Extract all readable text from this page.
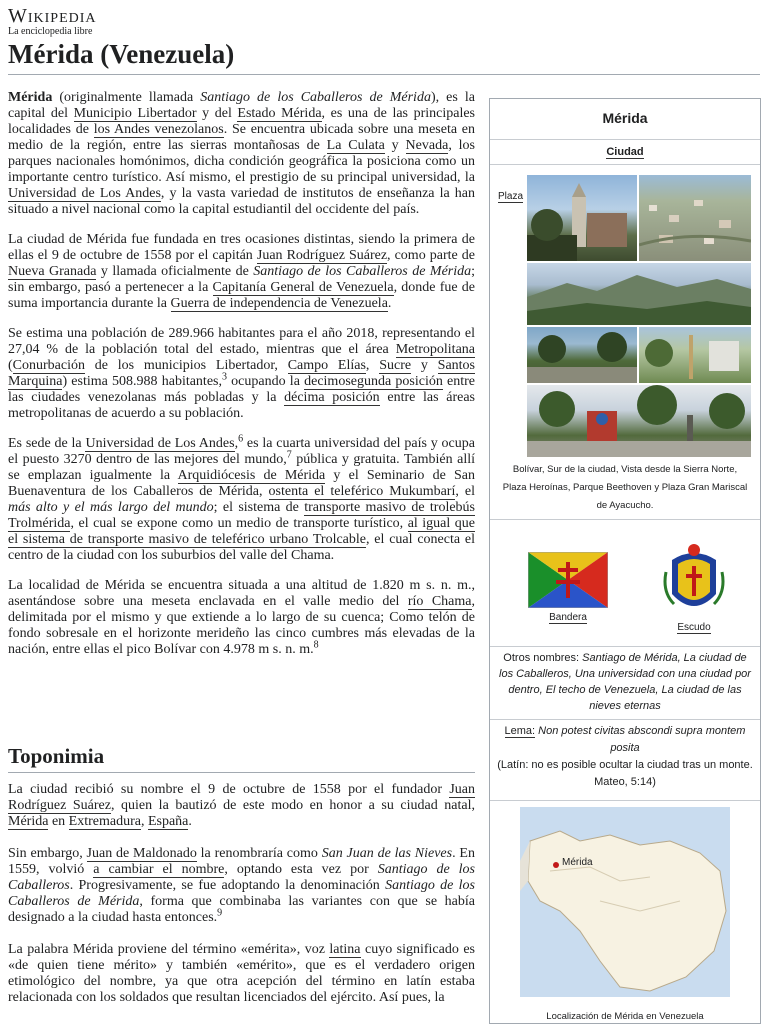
Wikipedia
La enciclopedia libre
Mérida (Venezuela)

Mérida (originalmente llamada Santiago de los Caballeros de Mérida), es la capital del Municipio Libertador y del Estado Mérida, es una de las principales localidades de los Andes venezolanos. Se encuentra ubicada sobre una meseta en medio de la región, entre las sierras montañosas de La Culata y Nevada, los parques nacionales homónimos, dicha condición geográfica la posiciona como un importante centro turístico. Así mismo, el prestigio de su principal universidad, la Universidad de Los Andes, y la vasta variedad de institutos de enseñanza la han situado a nivel nacional como la capital estudiantil del occidente del país.

La ciudad de Mérida fue fundada en tres ocasiones distintas, siendo la primera de ellas el 9 de octubre de 1558 por el capitán Juan Rodríguez Suárez, como parte de Nueva Granada y llamada oficialmente de Santiago de los Caballeros de Mérida; sin embargo, pasó a pertenecer a la Capitanía General de Venezuela, donde fue de suma importancia durante la Guerra de independencia de Venezuela.

Se estima una población de 289.966 habitantes para el año 2018, representando el 27,04 % de la población total del estado, mientras que el área Metropolitana (Conurbación de los municipios Libertador, Campo Elías, Sucre y Santos Marquina) estima 508.988 habitantes,$^3$ ocupando la decimosegunda posición entre las ciudades venezolanas más pobladas y la décima posición entre las áreas metropolitanas de acuerdo a su población.

Es sede de la Universidad de Los Andes,$^6$ es la cuarta universidad del país y ocupa el puesto 3270 dentro de las mejores del mundo,$^7$ pública y gratuita. También allí se emplazan igualmente la Arquidiócesis de Mérida y el Seminario de San Buenaventura de los Caballeros de Mérida, ostenta el teleférico Mukumbarí, el más alto y el más largo del mundo; el sistema de transporte masivo de trolebús Trolmérida, el cual se expone como un medio de transporte turístico, al igual que el sistema de transporte masivo de teleférico urbano Trolcable, el cual conecta el centro de la ciudad con los suburbios del valle del Chama.

La localidad de Mérida se encuentra situada a una altitud de 1.820 m s. n. m., asentándose sobre una meseta enclavada en el valle medio del río Chama, delimitada por el mismo y que extiende a lo largo de su cuenca; Como telón de fondo sobresale en el horizonte merideño las cinco cumbres más elevadas de la nación, entre ellas el pico Bolívar con 4.978 m s. n. m.$^8$

Toponimia

La ciudad recibió su nombre el 9 de octubre de 1558 por el fundador Juan Rodríguez Suárez, quien la bautizó de este modo en honor a su ciudad natal, Mérida en Extremadura, España.

Sin embargo, Juan de Maldonado la renombraría como San Juan de las Nieves. En 1559, volvió a cambiar el nombre, optando esta vez por Santiago de los Caballeros. Progresivamente, se fue adoptando la denominación Santiago de los Caballeros de Mérida, forma que combinaba las variantes con que se había designado a la ciudad hasta entonces.$^9$

La palabra Mérida proviene del término «emérita», voz latina cuyo significado es «de quien tiene mérito» y también «emérito», que es el verdadero origen etimológico del nombre, ya que otra acepción del término en latín estaba relacionada con los soldados que resultan licenciados del ejército. Así pues, la

Mérida
Ciudad
Plaza
Bolívar, Sur de la ciudad, Vista desde la Sierra Norte, Plaza Heroínas, Parque Beethoven y Plaza Gran Mariscal de Ayacucho.
Bandera
Escudo
Otros nombres: Santiago de Mérida, La ciudad de los Caballeros, Una universidad con una ciudad por dentro, El techo de Venezuela, La ciudad de las nieves eternas
Lema: Non potest civitas abscondi supra montem posita
(Latín: no es posible ocultar la ciudad tras un monte. Mateo, 5:14)
Mérida
Localización de Mérida en Venezuela
